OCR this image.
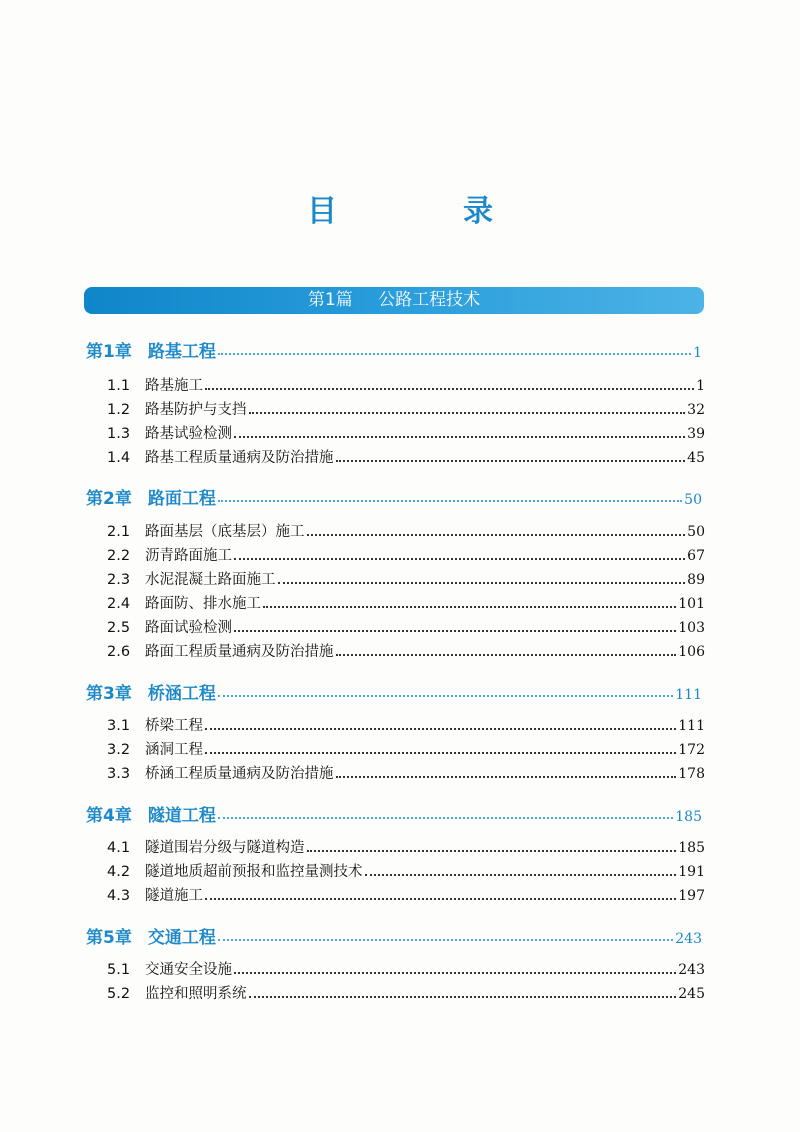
目　录
第1篇 公路工程技术
第1章 路基工程	1
1.1	路基施工	1
1.2	路基防护与支挡	32
1.3	路基试验检测	39
1.4	路基工程质量通病及防治措施	45
第2章 路面工程	50
2.1	路面基层（底基层）施工	50
2.2	沥青路面施工	67
2.3	水泥混凝土路面施工	89
2.4	路面防、排水施工	101
2.5	路面试验检测	103
2.6	路面工程质量通病及防治措施	106
第3章 桥涵工程	111
3.1	桥梁工程	111
3.2	涵洞工程	172
3.3	桥涵工程质量通病及防治措施	178
第4章 隧道工程	185
4.1	隧道围岩分级与隧道构造	185
4.2	隧道地质超前预报和监控量测技术	191
4.3	隧道施工	197
第5章 交通工程	243
5.1	交通安全设施	243
5.2	监控和照明系统	245
